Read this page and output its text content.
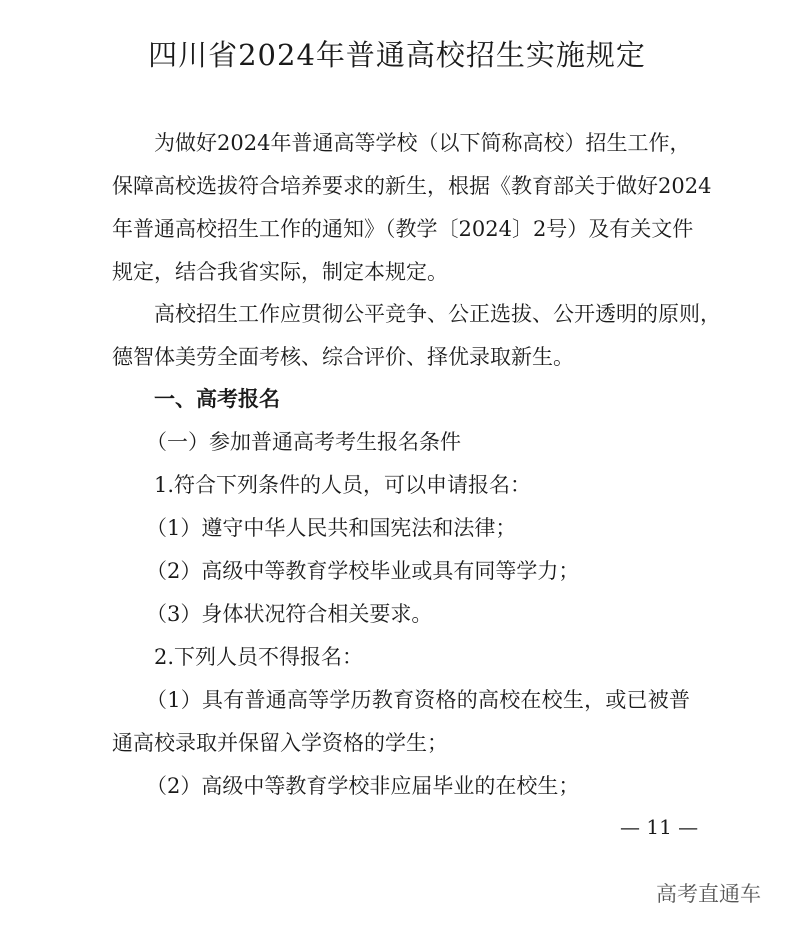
四川省2024年普通高校招生实施规定
为做好2024年普通高等学校（以下简称高校）招生工作，
保障高校选拔符合培养要求的新生，根据《教育部关于做好2024
年普通高校招生工作的通知》（教学〔2024〕2号）及有关文件
规定，结合我省实际，制定本规定。
高校招生工作应贯彻公平竞争、公正选拔、公开透明的原则，
德智体美劳全面考核、综合评价、择优录取新生。
一、高考报名
（一）参加普通高考考生报名条件
1.符合下列条件的人员，可以申请报名：
（1）遵守中华人民共和国宪法和法律；
（2）高级中等教育学校毕业或具有同等学力；
（3）身体状况符合相关要求。
2.下列人员不得报名：
（1）具有普通高等学历教育资格的高校在校生，或已被普
通高校录取并保留入学资格的学生；
（2）高级中等教育学校非应届毕业的在校生；
— 11 —
高考直通车
